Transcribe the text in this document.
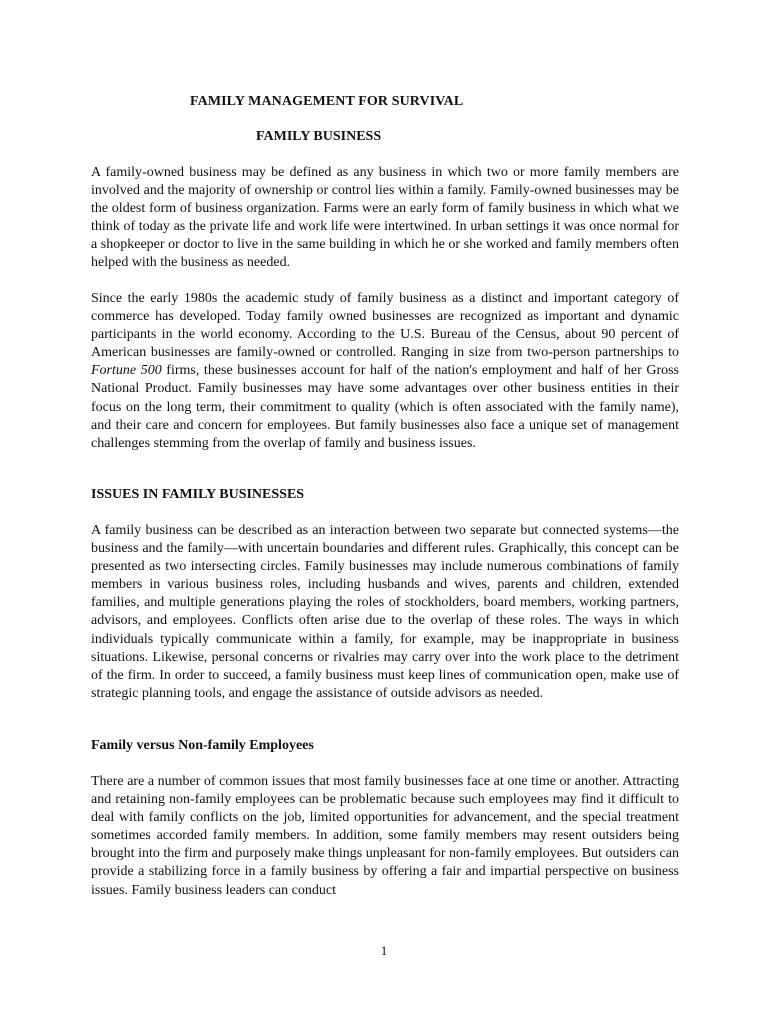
FAMILY MANAGEMENT FOR SURVIVAL
FAMILY BUSINESS

A family-owned business may be defined as any business in which two or more family members are involved and the majority of ownership or control lies within a family. Family-owned businesses may be the oldest form of business organization. Farms were an early form of family business in which what we think of today as the private life and work life were intertwined. In urban settings it was once normal for a shopkeeper or doctor to live in the same building in which he or she worked and family members often helped with the business as needed.

Since the early 1980s the academic study of family business as a distinct and important category of commerce has developed. Today family owned businesses are recognized as important and dynamic participants in the world economy. According to the U.S. Bureau of the Census, about 90 percent of American businesses are family-owned or controlled. Ranging in size from two-person partnerships to Fortune 500 firms, these businesses account for half of the nation's employment and half of her Gross National Product. Family businesses may have some advantages over other business entities in their focus on the long term, their commitment to quality (which is often associated with the family name), and their care and concern for employees. But family businesses also face a unique set of management challenges stemming from the overlap of family and business issues.

ISSUES IN FAMILY BUSINESSES

A family business can be described as an interaction between two separate but connected systems—the business and the family—with uncertain boundaries and different rules. Graphically, this concept can be presented as two intersecting circles. Family businesses may include numerous combinations of family members in various business roles, including husbands and wives, parents and children, extended families, and multiple generations playing the roles of stockholders, board members, working partners, advisors, and employees. Conflicts often arise due to the overlap of these roles. The ways in which individuals typically communicate within a family, for example, may be inappropriate in business situations. Likewise, personal concerns or rivalries may carry over into the work place to the detriment of the firm. In order to succeed, a family business must keep lines of communication open, make use of strategic planning tools, and engage the assistance of outside advisors as needed.

Family versus Non-family Employees

There are a number of common issues that most family businesses face at one time or another. Attracting and retaining non-family employees can be problematic because such employees may find it difficult to deal with family conflicts on the job, limited opportunities for advancement, and the special treatment sometimes accorded family members. In addition, some family members may resent outsiders being brought into the firm and purposely make things unpleasant for non-family employees. But outsiders can provide a stabilizing force in a family business by offering a fair and impartial perspective on business issues. Family business leaders can conduct

1
